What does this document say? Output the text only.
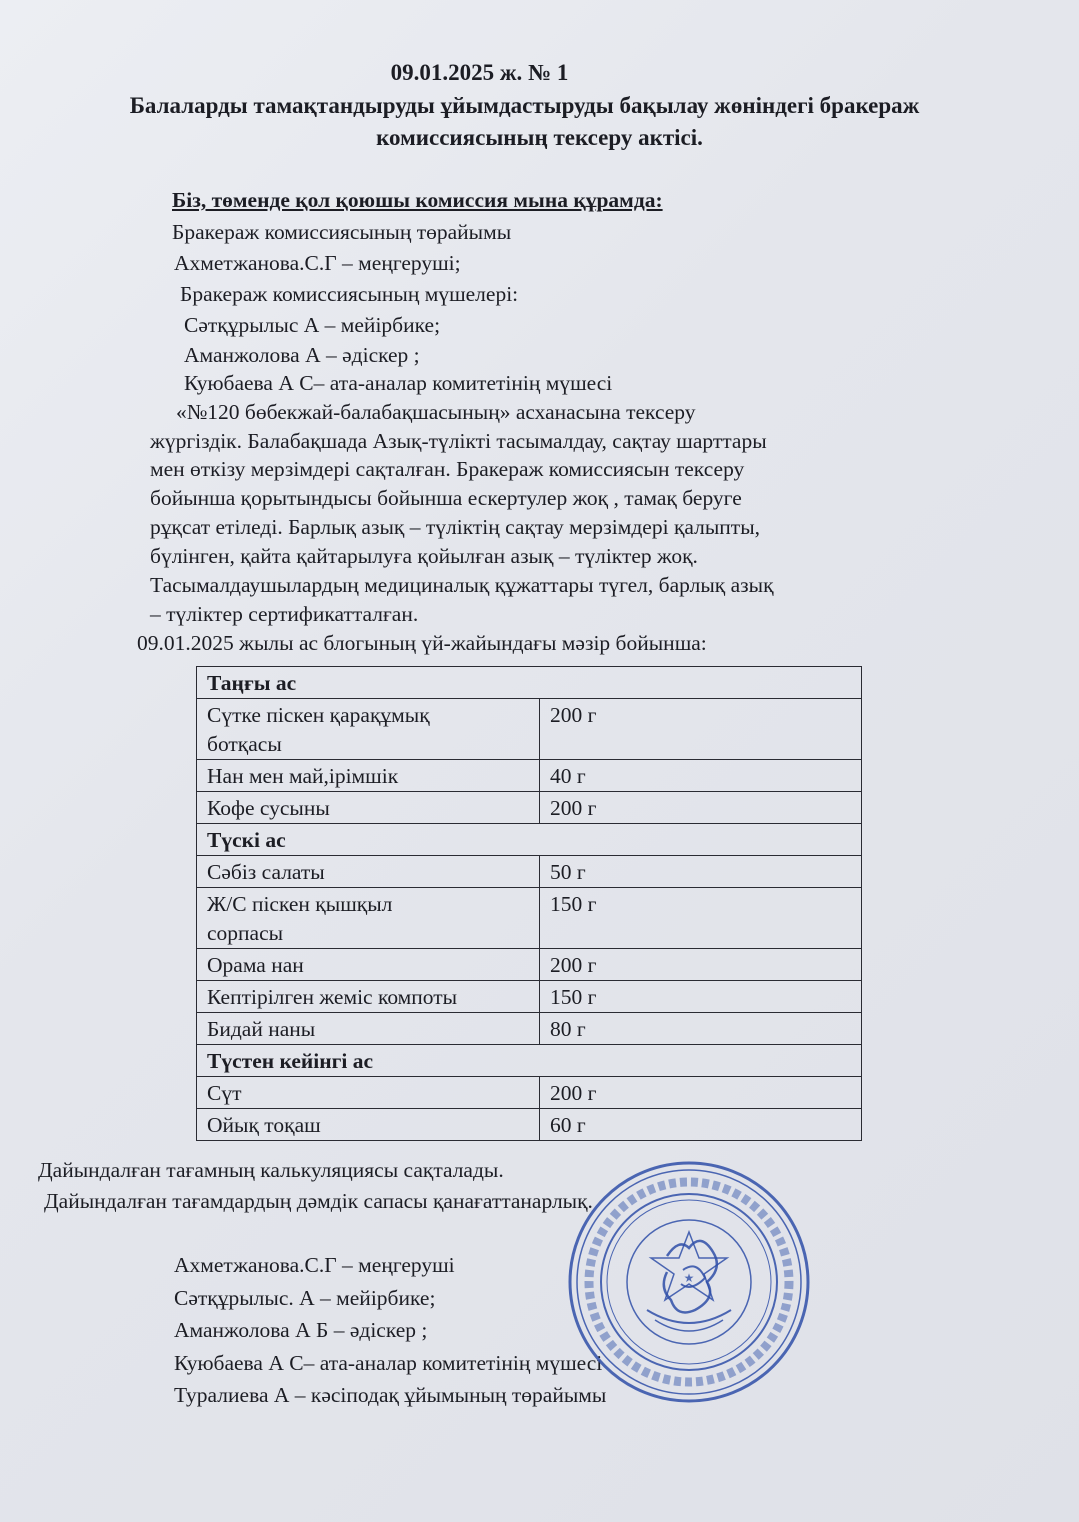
09.01.2025 ж. № 1
Балаларды тамақтандыруды ұйымдастыруды бақылау жөніндегі бракераж
комиссиясының тексеру актісі.
Біз, төменде қол қоюшы комиссия мына құрамда:
Бракераж комиссиясының төрайымы
Ахметжанова.С.Г – меңгеруші;
Бракераж комиссиясының мүшелері:
Сәтқұрылыс А – мейірбике;
Аманжолова А – әдіскер ;
Куюбаева А С– ата-аналар комитетінің мүшесі
«№120 бөбекжай-балабақшасының» асханасына тексеру
жүргіздік. Балабақшада Азық-түлікті тасымалдау, сақтау шарттары
мен өткізу мерзімдері сақталған. Бракераж комиссиясын тексеру
бойынша қорытындысы бойынша ескертулер жоқ , тамақ беруге
рұқсат етіледі. Барлық азық – түліктің сақтау мерзімдері қалыпты,
бүлінген, қайта қайтарылуға қойылған азық – түліктер жоқ.
Тасымалдаушылардың медициналық құжаттары түгел, барлық азық
– түліктер сертификатталған.
09.01.2025 жылы ас блогының үй-жайындағы мәзір бойынша:
Таңғы ас	

Сүтке піскен қарақұмық
ботқасы	200 г
Нан мен май,ірімшік	40 г
Кофе сусыны	200 г
Түскі ас	
Сәбіз салаты	50 г

Ж/С піскен қышқыл
сорпасы	150 г
Орама нан	200 г
Кептірілген жеміс компоты	150 г
Бидай наны	80 г
Түстен кейінгі ас	
Сүт	200 г
Ойық тоқаш	60 г
Дайындалған тағамның калькуляциясы сақталады.
Дайындалған тағамдардың дәмдік сапасы қанағаттанарлық.
Ахметжанова.С.Г – меңгеруші
Сәтқұрылыс. А – мейірбике;
Аманжолова А Б – әдіскер ;
Куюбаева А С– ата-аналар комитетінің мүшесі
Туралиева А – кәсіподақ ұйымының төрайымы
★
